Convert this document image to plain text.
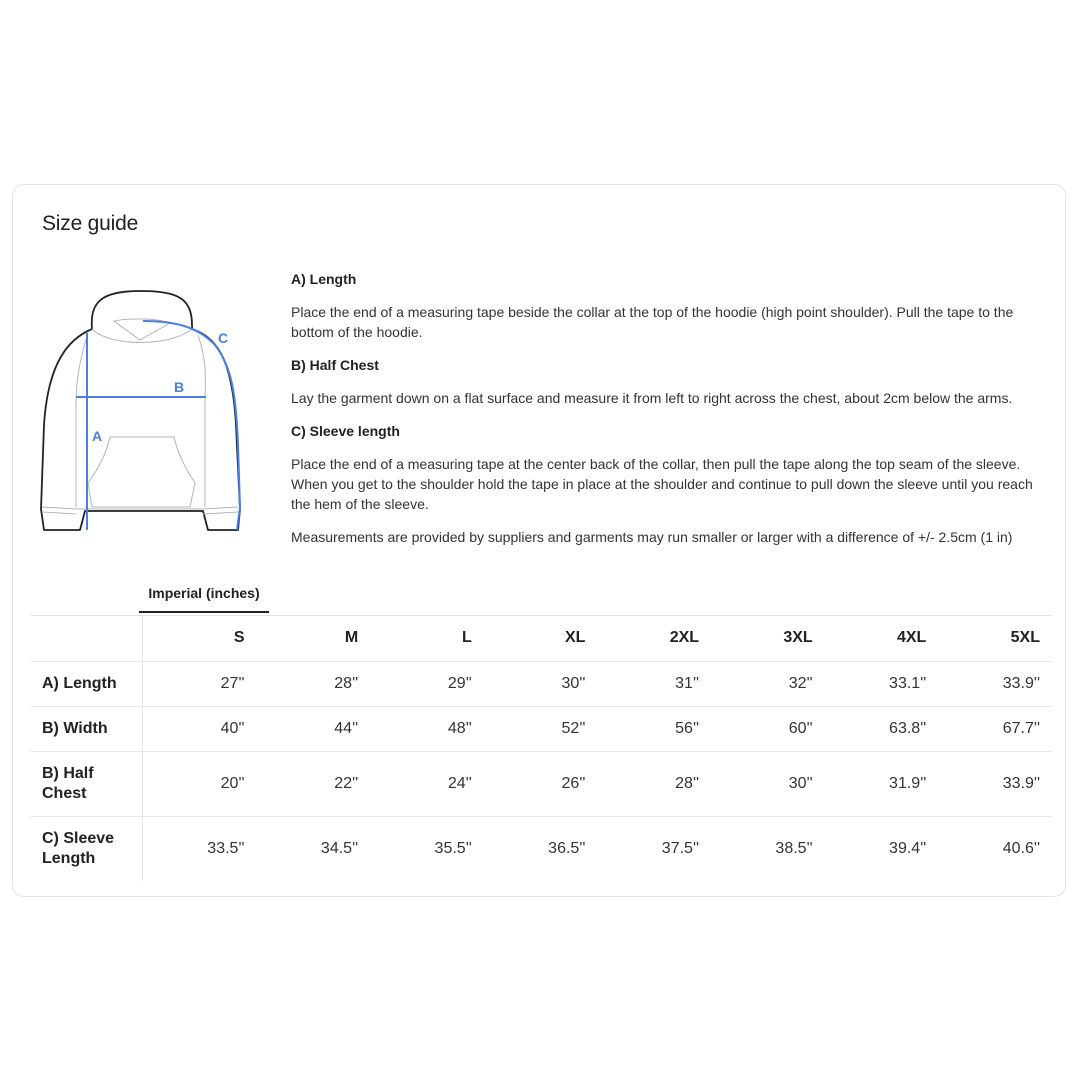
Size guide
A
B
C

A) Length

Place the end of a measuring tape beside the collar at the top of the hoodie (high point shoulder). Pull the tape to the bottom of the hoodie.

B) Half Chest

Lay the garment down on a flat surface and measure it from left to right across the chest, about 2cm below the arms.

C) Sleeve length

Place the end of a measuring tape at the center back of the collar, then pull the tape along the top seam of the sleeve. When you get to the shoulder hold the tape in place at the shoulder and continue to pull down the sleeve until you reach the hem of the sleeve.

Measurements are provided by suppliers and garments may run smaller or larger with a difference of +/- 2.5cm (1 in)

Imperial (inches)
	S	M	L	XL	2XL	3XL	4XL	5XL
A) Length	27''	28''	29''	30''	31''	32''	33.1''	33.9''
B) Width	40''	44''	48''	52''	56''	60''	63.8''	67.7''
B) Half Chest	20''	22''	24''	26''	28''	30''	31.9''	33.9''
C) Sleeve Length	33.5''	34.5''	35.5''	36.5''	37.5''	38.5''	39.4''	40.6''
